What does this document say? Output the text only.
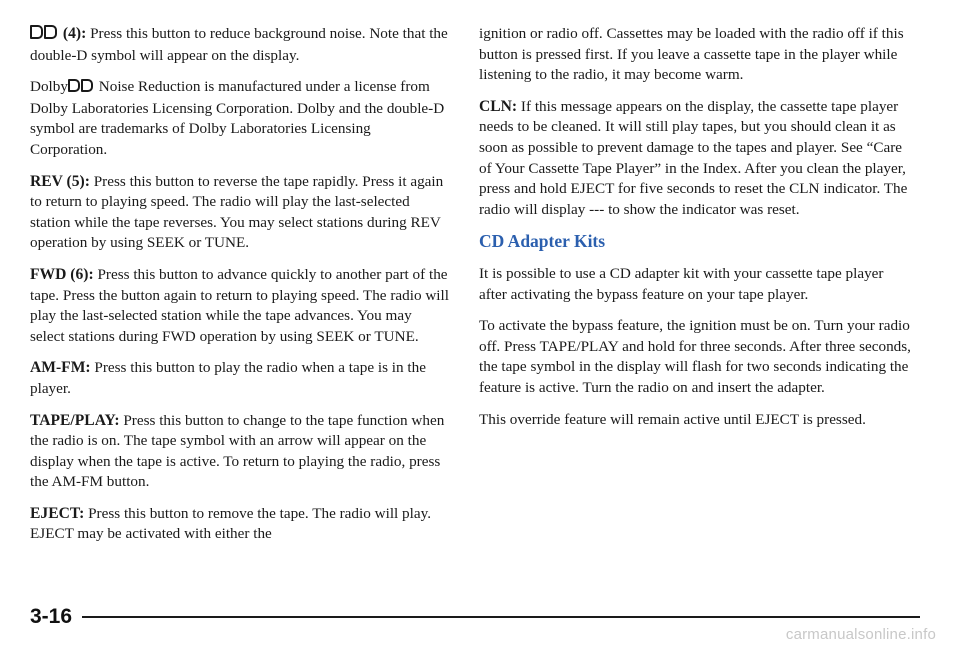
(4): Press this button to reduce background noise. Note that the double-D symbol will appear on the display.

Dolby Noise Reduction is manufactured under a license from Dolby Laboratories Licensing Corporation. Dolby and the double-D symbol are trademarks of Dolby Laboratories Licensing Corporation.

REV (5): Press this button to reverse the tape rapidly. Press it again to return to playing speed. The radio will play the last-selected station while the tape reverses. You may select stations during REV operation by using SEEK or TUNE.

FWD (6): Press this button to advance quickly to another part of the tape. Press the button again to return to playing speed. The radio will play the last-selected station while the tape advances. You may select stations during FWD operation by using SEEK or TUNE.

AM-FM: Press this button to play the radio when a tape is in the player.

TAPE/PLAY: Press this button to change to the tape function when the radio is on. The tape symbol with an arrow will appear on the display when the tape is active. To return to playing the radio, press the AM-FM button.

EJECT: Press this button to remove the tape. The radio will play. EJECT may be activated with either the

ignition or radio off. Cassettes may be loaded with the radio off if this button is pressed first. If you leave a cassette tape in the player while listening to the radio, it may become warm.

CLN: If this message appears on the display, the cassette tape player needs to be cleaned. It will still play tapes, but you should clean it as soon as possible to prevent damage to the tapes and player. See “Care of Your Cassette Tape Player” in the Index. After you clean the player, press and hold EJECT for five seconds to reset the CLN indicator. The radio will display --- to show the indicator was reset.

CD Adapter Kits

It is possible to use a CD adapter kit with your cassette tape player after activating the bypass feature on your tape player.

To activate the bypass feature, the ignition must be on. Turn your radio off. Press TAPE/PLAY and hold for three seconds. After three seconds, the tape symbol in the display will flash for two seconds indicating the feature is active. Turn the radio on and insert the adapter.

This override feature will remain active until EJECT is pressed.

3-16
carmanualsonline.info
